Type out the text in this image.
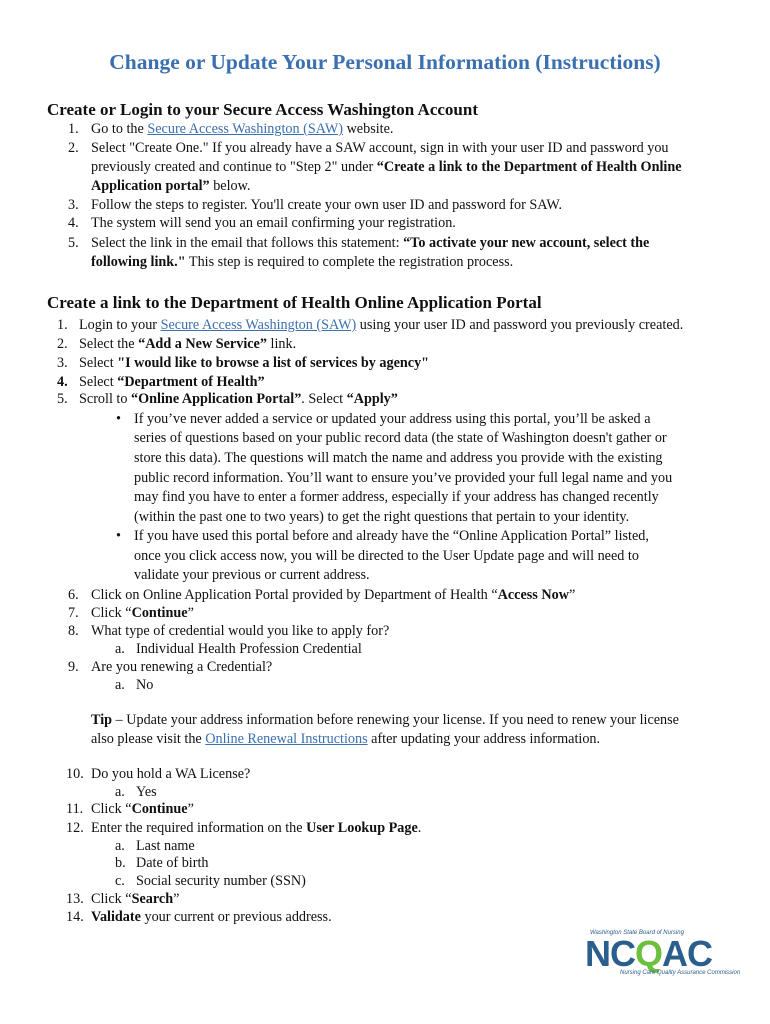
Change or Update Your Personal Information (Instructions)
Create or Login to your Secure Access Washington Account
1. Go to the Secure Access Washington (SAW) website.
2. Select "Create One." If you already have a SAW account, sign in with your user ID and password you
previously created and continue to "Step 2" under “Create a link to the Department of Health Online
Application portal” below.
3. Follow the steps to register. You'll create your own user ID and password for SAW.
4. The system will send you an email confirming your registration.
5. Select the link in the email that follows this statement: “To activate your new account, select the
following link." This step is required to complete the registration process.
Create a link to the Department of Health Online Application Portal
1. Login to your Secure Access Washington (SAW) using your user ID and password you previously created.
2. Select the “Add a New Service” link.
3. Select "I would like to browse a list of services by agency"
4. Select “Department of Health”
5. Scroll to “Online Application Portal”. Select “Apply”
• If you’ve never added a service or updated your address using this portal, you’ll be asked a
series of questions based on your public record data (the state of Washington doesn't gather or
store this data). The questions will match the name and address you provide with the existing
public record information. You’ll want to ensure you’ve provided your full legal name and you
may find you have to enter a former address, especially if your address has changed recently
(within the past one to two years) to get the right questions that pertain to your identity.
• If you have used this portal before and already have the “Online Application Portal” listed,
once you click access now, you will be directed to the User Update page and will need to
validate your previous or current address.
6. Click on Online Application Portal provided by Department of Health “Access Now”
7. Click “Continue”
8. What type of credential would you like to apply for?
a. Individual Health Profession Credential
9. Are you renewing a Credential?
a. No
Tip – Update your address information before renewing your license. If you need to renew your license
also please visit the Online Renewal Instructions after updating your address information.
10. Do you hold a WA License?
a. Yes
11. Click “Continue”
12. Enter the required information on the User Lookup Page.
a. Last name
b. Date of birth
c. Social security number (SSN)
13. Click “Search”
14. Validate your current or previous address.
Washington State Board of Nursing
NCQAC
Nursing Care Quality Assurance Commission
